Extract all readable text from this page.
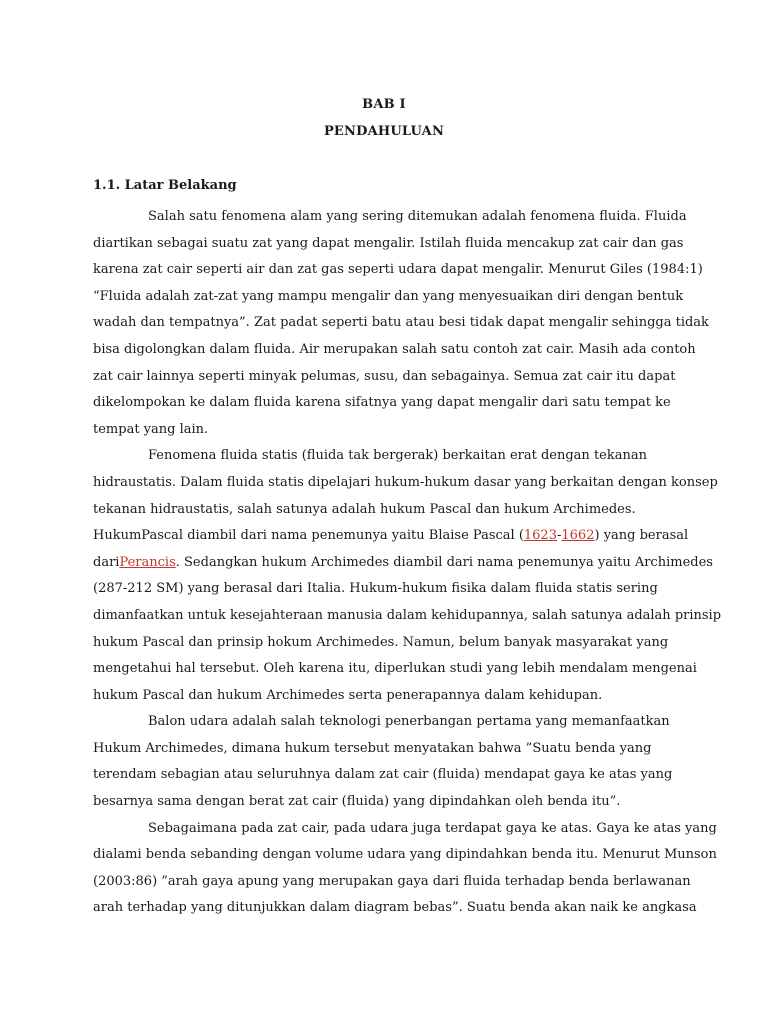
BAB I
PENDAHULUAN
1.1. Latar Belakang
Salah satu fenomena alam yang sering ditemukan adalah fenomena fluida. Fluida
diartikan sebagai suatu zat yang dapat mengalir. Istilah fluida mencakup zat cair dan gas
karena zat cair seperti air dan zat gas seperti udara dapat mengalir. Menurut Giles (1984:1)
“Fluida adalah zat-zat yang mampu mengalir dan yang menyesuaikan diri dengan bentuk
wadah dan tempatnya”. Zat padat seperti batu atau besi tidak dapat mengalir sehingga tidak
bisa digolongkan dalam fluida. Air merupakan salah satu contoh zat cair. Masih ada contoh
zat cair lainnya seperti minyak pelumas, susu, dan sebagainya. Semua zat cair itu dapat
dikelompokan ke dalam fluida karena sifatnya yang dapat mengalir dari satu tempat ke
tempat yang lain.
Fenomena fluida statis (fluida tak bergerak) berkaitan erat dengan tekanan
hidraustatis. Dalam fluida statis dipelajari hukum-hukum dasar yang berkaitan dengan konsep
tekanan hidraustatis, salah satunya adalah hukum Pascal dan hukum Archimedes.
HukumPascal diambil dari nama penemunya yaitu Blaise Pascal (1623-1662) yang berasal
dariPerancis. Sedangkan hukum Archimedes diambil dari nama penemunya yaitu Archimedes
(287-212 SM) yang berasal dari Italia. Hukum-hukum fisika dalam fluida statis sering
dimanfaatkan untuk kesejahteraan manusia dalam kehidupannya, salah satunya adalah prinsip
hukum Pascal dan prinsip hokum Archimedes. Namun, belum banyak masyarakat yang
mengetahui hal tersebut. Oleh karena itu, diperlukan studi yang lebih mendalam mengenai
hukum Pascal dan hukum Archimedes serta penerapannya dalam kehidupan.
Balon udara adalah salah teknologi penerbangan pertama yang memanfaatkan
Hukum Archimedes, dimana hukum tersebut menyatakan bahwa ”Suatu benda yang
terendam sebagian atau seluruhnya dalam zat cair (fluida) mendapat gaya ke atas yang
besarnya sama dengan berat zat cair (fluida) yang dipindahkan oleh benda itu”.
Sebagaimana pada zat cair, pada udara juga terdapat gaya ke atas. Gaya ke atas yang
dialami benda sebanding dengan volume udara yang dipindahkan benda itu. Menurut Munson
(2003:86) ”arah gaya apung yang merupakan gaya dari fluida terhadap benda berlawanan
arah terhadap yang ditunjukkan dalam diagram bebas”. Suatu benda akan naik ke angkasa
